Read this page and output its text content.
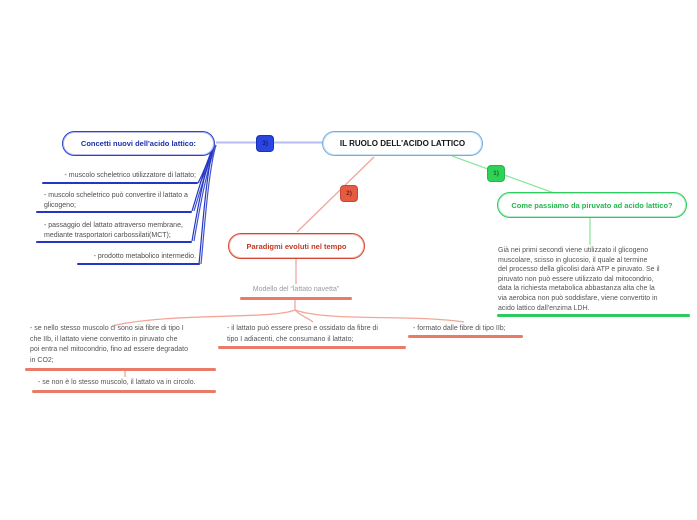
IL RUOLO DELL'ACIDO LATTICO
Concetti nuovi dell'acido lattico:
Paradigmi evoluti nel tempo
Come passiamo da piruvato ad acido lattico?
3)
2)
1)
- muscolo scheletrico utilizzatore di lattato;
- muscolo scheletrico può convertire il lattato a
glicogeno;
- passaggio del lattato attraverso membrane,
mediante trasportatori carbossilati(MCT);
- prodotto metabolico intermedio.
Modello del “lattato navetta”
- se nello stesso muscolo ci sono sia fibre di tipo I
che IIb, il lattato viene convertito in piruvato che
poi entra nel mitocondrio, fino ad essere degradato
in CO2;
- se non è lo stesso muscolo, il lattato va in circolo.
- il lattato può essere preso e ossidato da fibre di
tipo I adiacenti, che consumano il lattato;
- formato dalle fibre di tipo IIb;
Già nei primi secondi viene utilizzato il glicogeno
muscolare, scisso in glucosio, il quale al termine
del processo della glicolisi darà ATP e piruvato. Se il
piruvato non può essere utilizzato dal mitocondrio,
data la richiesta metabolica abbastanza alta che la
via aerobica non può soddisfare, viene convertito in
acido lattico dall'enzima LDH.
